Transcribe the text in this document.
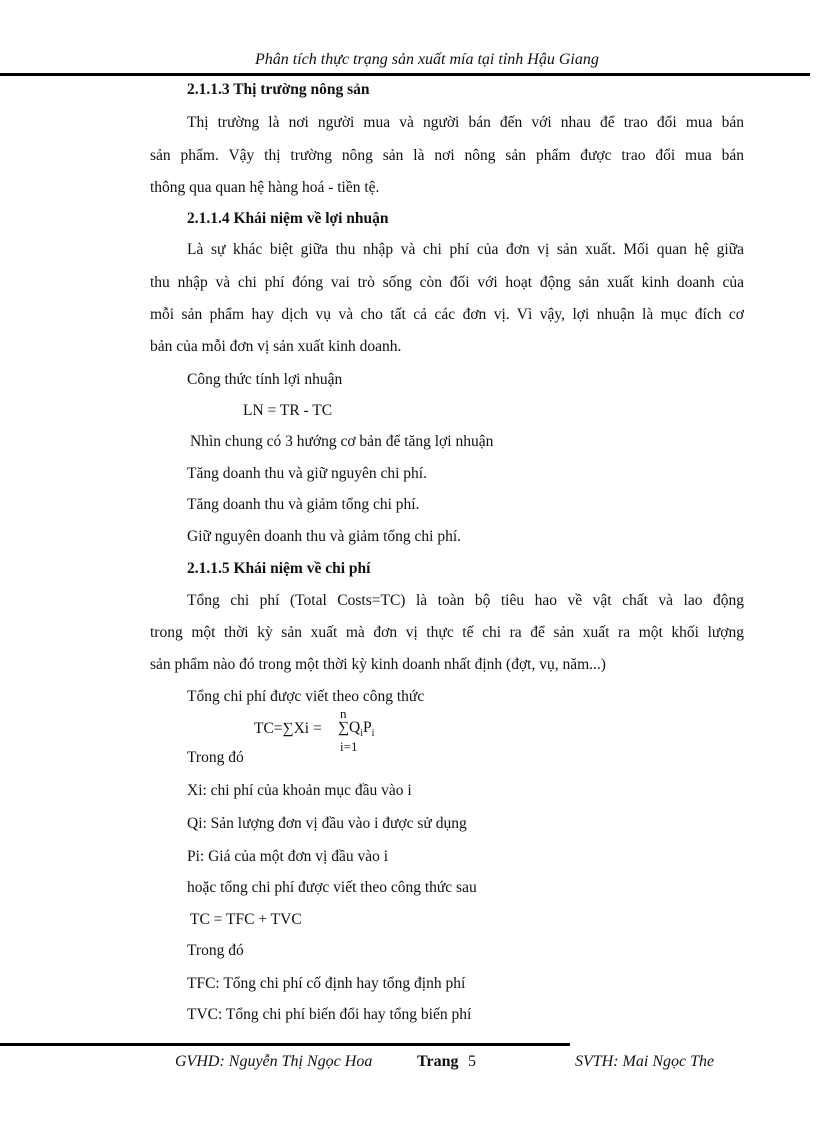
Phân tích thực trạng sản xuất mía tại tỉnh Hậu Giang
2.1.1.3 Thị trường nông sản
Thị trường là nơi người mua và người bán đến với nhau để trao đổi mua bán
sản phẩm. Vậy thị trường nông sản là nơi nông sản phẩm được trao đổi mua bán
thông qua quan hệ hàng hoá - tiền tệ.
2.1.1.4 Khái niệm về lợi nhuận
Là sự khác biệt giữa thu nhập và chi phí của đơn vị sản xuất. Mối quan hệ giữa
thu nhập và chi phí đóng vai trò sống còn đối với hoạt động sản xuất kinh doanh của
mỗi sản phẩm hay dịch vụ và cho tất cả các đơn vị. Vì vậy, lợi nhuận là mục đích cơ
bản của mỗi đơn vị sản xuất kinh doanh.
Công thức tính lợi nhuận
LN = TR - TC
Nhìn chung có 3 hướng cơ bản để tăng lợi nhuận
Tăng doanh thu và giữ nguyên chi phí.
Tăng doanh thu và giảm tổng chi phí.
Giữ nguyên doanh thu và giảm tổng chi phí.
2.1.1.5 Khái niệm về chi phí
Tổng chi phí (Total Costs=TC) là toàn bộ tiêu hao về vật chất và lao động
trong một thời kỳ sản xuất mà đơn vị thực tế chi ra để sản xuất ra một khối lượng
sản phẩm nào đó trong một thời kỳ kinh doanh nhất định (đợt, vụ, năm...)
Tổng chi phí được viết theo công thức
TC=∑Xi =
n
$\sum Q_iP_i$
i=1
Trong đó
Xi: chi phí của khoản mục đầu vào i
Qi: Sản lượng đơn vị đầu vào i được sử dụng
Pi: Giá của một đơn vị đầu vào i
hoặc tổng chi phí được viết theo công thức sau
TC = TFC + TVC
Trong đó
TFC: Tổng chi phí cố định hay tổng định phí
TVC: Tổng chi phí biến đổi hay tổng biến phí
GVHD: Nguyễn Thị Ngọc Hoa	Trang 5	SVTH: Mai Ngọc The
